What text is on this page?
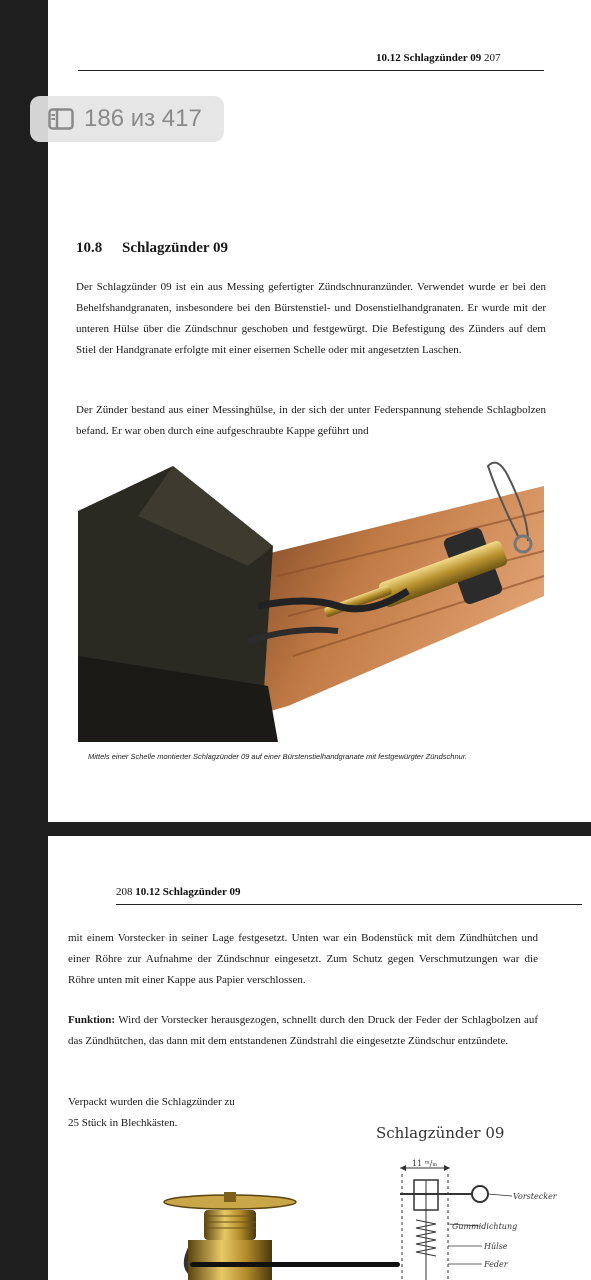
10.12 Schlagzünder 09 207
10.8 Schlagzünder 09

Der Schlagzünder 09 ist ein aus Messing gefertigter Zündschnuranzünder. Verwendet wurde er bei den Behelfshandgranaten, insbesondere bei den Bürstenstiel- und Dosenstielhandgranaten. Er wurde mit der unteren Hülse über die Zündschnur geschoben und festgewürgt. Die Befestigung des Zünders auf dem Stiel der Handgranate erfolgte mit einer eisernen Schelle oder mit angesetzten Laschen.

Der Zünder bestand aus einer Messinghülse, in der sich der unter Federspannung stehende Schlagbolzen befand. Er war oben durch eine aufgeschraubte Kappe geführt und

Mittels einer Schelle montierter Schlagzünder 09 auf einer Bürstenstielhandgranate mit festgewürgter Zündschnur.
186 из 417
208 10.12 Schlagzünder 09

mit einem Vorstecker in seiner Lage festgesetzt. Unten war ein Bodenstück mit dem Zündhütchen und einer Röhre zur Aufnahme der Zündschnur eingesetzt. Zum Schutz gegen Verschmutzungen war die Röhre unten mit einer Kappe aus Papier verschlossen.

Funktion: Wird der Vorstecker herausgezogen, schnellt durch den Druck der Feder der Schlagbolzen auf das Zündhütchen, das dann mit dem entstandenen Zündstrahl die eingesetzte Zündschur entzündete.

Verpackt wurden die Schlagzünder zu
25 Stück in Blechkästen.

Schlagzünder 09
11 ᵐ/ₘ
Vorstecker
Gummidichtung
Hülse
Feder
